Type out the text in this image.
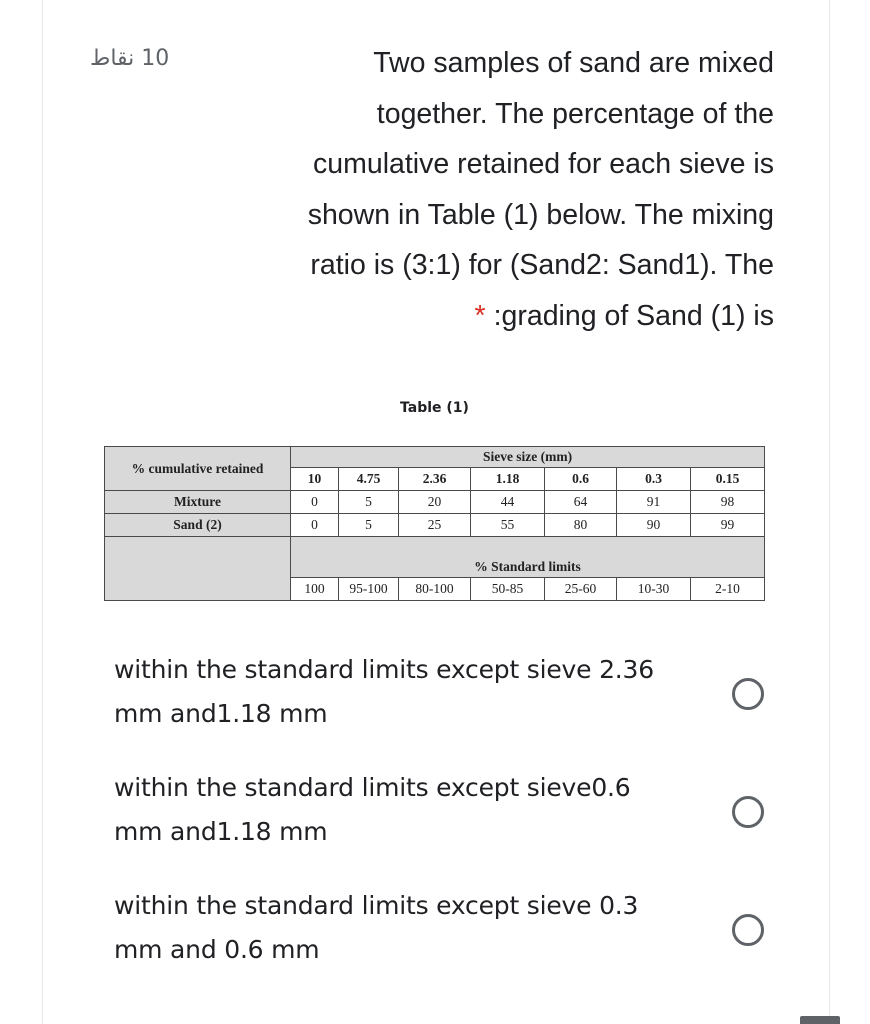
10 نقاط	Two samples of sand are mixed
together. The percentage of the
cumulative retained for each sieve is
shown in Table (1) below. The mixing
ratio is (3:1) for (Sand2: Sand1). The
* :grading of Sand (1) is
Table (1)
% cumulative retained	Sieve size (mm)						
	10	4.75	2.36	1.18	0.6	0.3	0.15
Mixture	0	5	20	44	64	91	98
Sand (2)	0	5	25	55	80	90	99
	% Standard limits						
	100	95-100	80-100	50-85	25-60	10-30	2-10
within the standard limits except sieve 2.36
mm and1.18 mm
within the standard limits except sieve0.6
mm and1.18 mm
within the standard limits except sieve 0.3
mm and 0.6 mm
